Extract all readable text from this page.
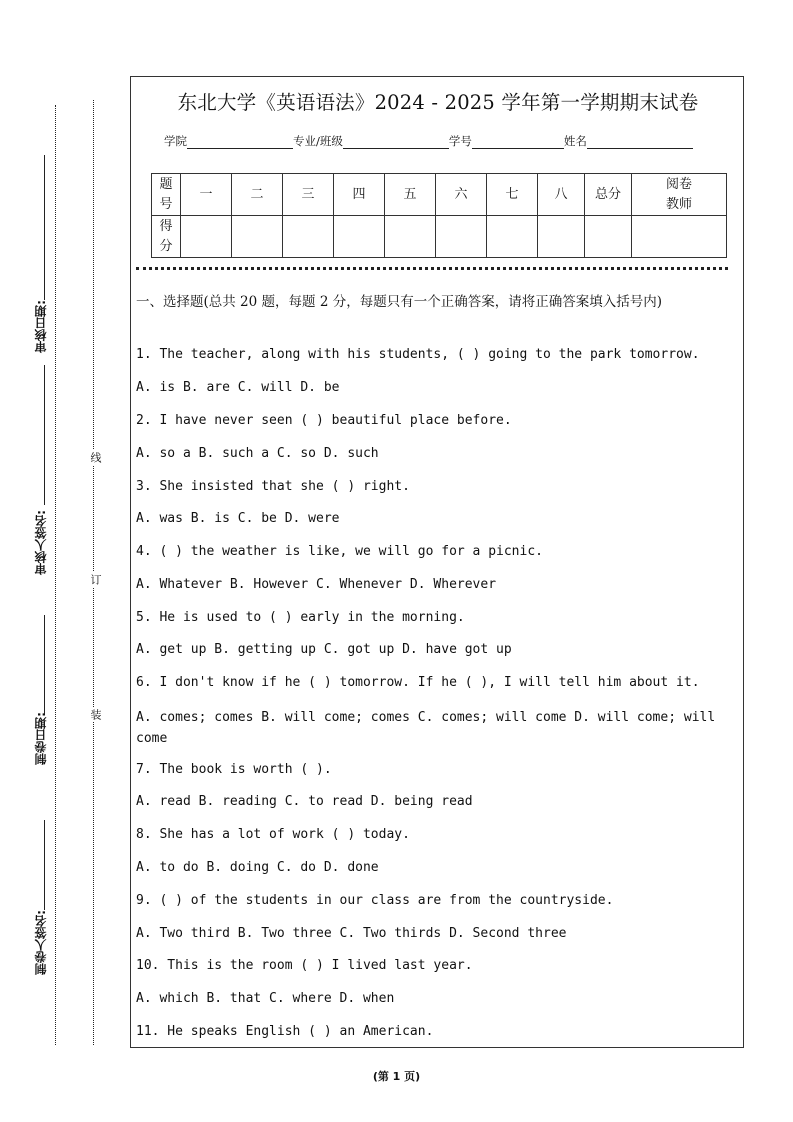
审核日期:
审核人签名:
制卷日期:
制卷人签名:
线
订
装
东北大学《英语语法》2024 - 2025 学年第一学期期末试卷
学院	专业/班级	学号	姓名
题号	一	二	三	四	五	六	七	八	总分	阅卷教师

得分										

一、选择题(总共 20 题，每题 2 分，每题只有一个正确答案，请将正确答案填入括号内)
1. The teacher, along with his students, ( ) going to the park tomorrow.
A. is B. are C. will D. be
2. I have never seen ( ) beautiful place before.
A. so a B. such a C. so D. such
3. She insisted that she ( ) right.
A. was B. is C. be D. were
4. ( ) the weather is like, we will go for a picnic.
A. Whatever B. However C. Whenever D. Wherever
5. He is used to ( ) early in the morning.
A. get up B. getting up C. got up D. have got up
6. I don't know if he ( ) tomorrow. If he ( ), I will tell him about it.
A. comes; comes B. will come; comes C. comes; will come D. will come; will come
7. The book is worth ( ).
A. read B. reading C. to read D. being read
8. She has a lot of work ( ) today.
A. to do B. doing C. do D. done
9. ( ) of the students in our class are from the countryside.
A. Two third B. Two three C. Two thirds D. Second three
10. This is the room ( ) I lived last year.
A. which B. that C. where D. when
11. He speaks English ( ) an American.
(第 1 页)
